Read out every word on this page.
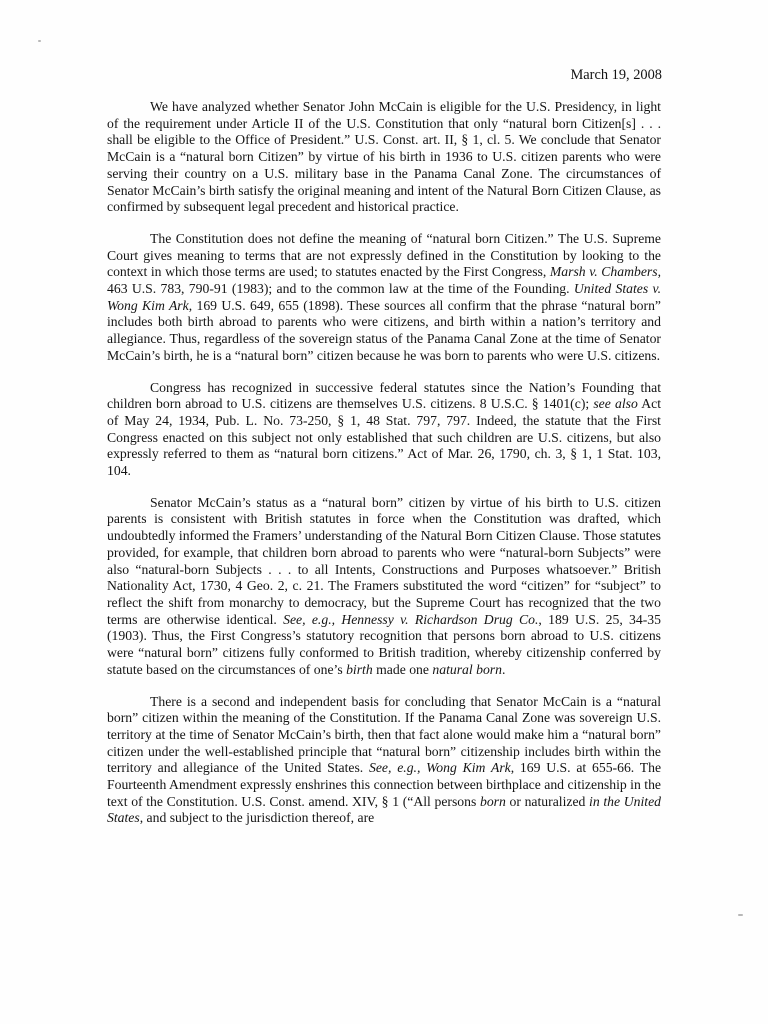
March 19, 2008

We have analyzed whether Senator John McCain is eligible for the U.S. Presidency, in light of the requirement under Article II of the U.S. Constitution that only “natural born Citizen[s] . . . shall be eligible to the Office of President.” U.S. Const. art. II, § 1, cl. 5. We conclude that Senator McCain is a “natural born Citizen” by virtue of his birth in 1936 to U.S. citizen parents who were serving their country on a U.S. military base in the Panama Canal Zone. The circumstances of Senator McCain’s birth satisfy the original meaning and intent of the Natural Born Citizen Clause, as confirmed by subsequent legal precedent and historical practice.

The Constitution does not define the meaning of “natural born Citizen.” The U.S. Supreme Court gives meaning to terms that are not expressly defined in the Constitution by looking to the context in which those terms are used; to statutes enacted by the First Congress, Marsh v. Chambers, 463 U.S. 783, 790-91 (1983); and to the common law at the time of the Founding. United States v. Wong Kim Ark, 169 U.S. 649, 655 (1898). These sources all confirm that the phrase “natural born” includes both birth abroad to parents who were citizens, and birth within a nation’s territory and allegiance. Thus, regardless of the sovereign status of the Panama Canal Zone at the time of Senator McCain’s birth, he is a “natural born” citizen because he was born to parents who were U.S. citizens.

Congress has recognized in successive federal statutes since the Nation’s Founding that children born abroad to U.S. citizens are themselves U.S. citizens. 8 U.S.C. § 1401(c); see also Act of May 24, 1934, Pub. L. No. 73-250, § 1, 48 Stat. 797, 797. Indeed, the statute that the First Congress enacted on this subject not only established that such children are U.S. citizens, but also expressly referred to them as “natural born citizens.” Act of Mar. 26, 1790, ch. 3, § 1, 1 Stat. 103, 104.

Senator McCain’s status as a “natural born” citizen by virtue of his birth to U.S. citizen parents is consistent with British statutes in force when the Constitution was drafted, which undoubtedly informed the Framers’ understanding of the Natural Born Citizen Clause. Those statutes provided, for example, that children born abroad to parents who were “natural-born Subjects” were also “natural-born Subjects . . . to all Intents, Constructions and Purposes whatsoever.” British Nationality Act, 1730, 4 Geo. 2, c. 21. The Framers substituted the word “citizen” for “subject” to reflect the shift from monarchy to democracy, but the Supreme Court has recognized that the two terms are otherwise identical. See, e.g., Hennessy v. Richardson Drug Co., 189 U.S. 25, 34-35 (1903). Thus, the First Congress’s statutory recognition that persons born abroad to U.S. citizens were “natural born” citizens fully conformed to British tradition, whereby citizenship conferred by statute based on the circumstances of one’s birth made one natural born.

There is a second and independent basis for concluding that Senator McCain is a “natural born” citizen within the meaning of the Constitution. If the Panama Canal Zone was sovereign U.S. territory at the time of Senator McCain’s birth, then that fact alone would make him a “natural born” citizen under the well-established principle that “natural born” citizenship includes birth within the territory and allegiance of the United States. See, e.g., Wong Kim Ark, 169 U.S. at 655-66. The Fourteenth Amendment expressly enshrines this connection between birthplace and citizenship in the text of the Constitution. U.S. Const. amend. XIV, § 1 (“All persons born or naturalized in the United States, and subject to the jurisdiction thereof, are
